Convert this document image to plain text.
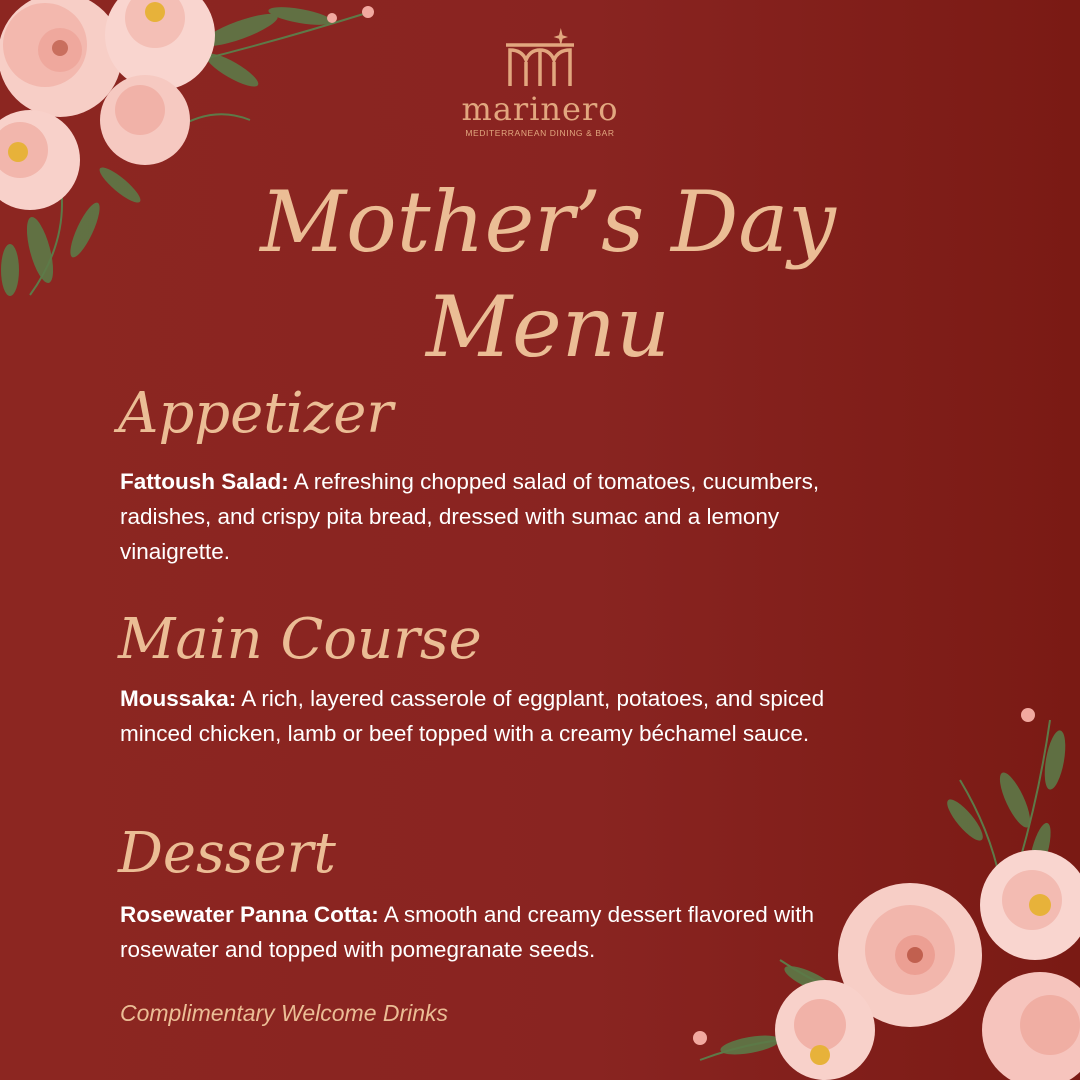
marinero
MEDITERRANEAN DINING & BAR
Mother’s Day
Menu
Appetizer
Fattoush Salad: A refreshing chopped salad of tomatoes, cucumbers, radishes, and crispy pita bread, dressed with sumac and a lemony vinaigrette.
Main Course
Moussaka: A rich, layered casserole of eggplant, potatoes, and spiced minced chicken, lamb or beef topped with a creamy béchamel sauce.
Dessert
Rosewater Panna Cotta: A smooth and creamy dessert flavored with rosewater and topped with pomegranate seeds.
Complimentary Welcome Drinks
